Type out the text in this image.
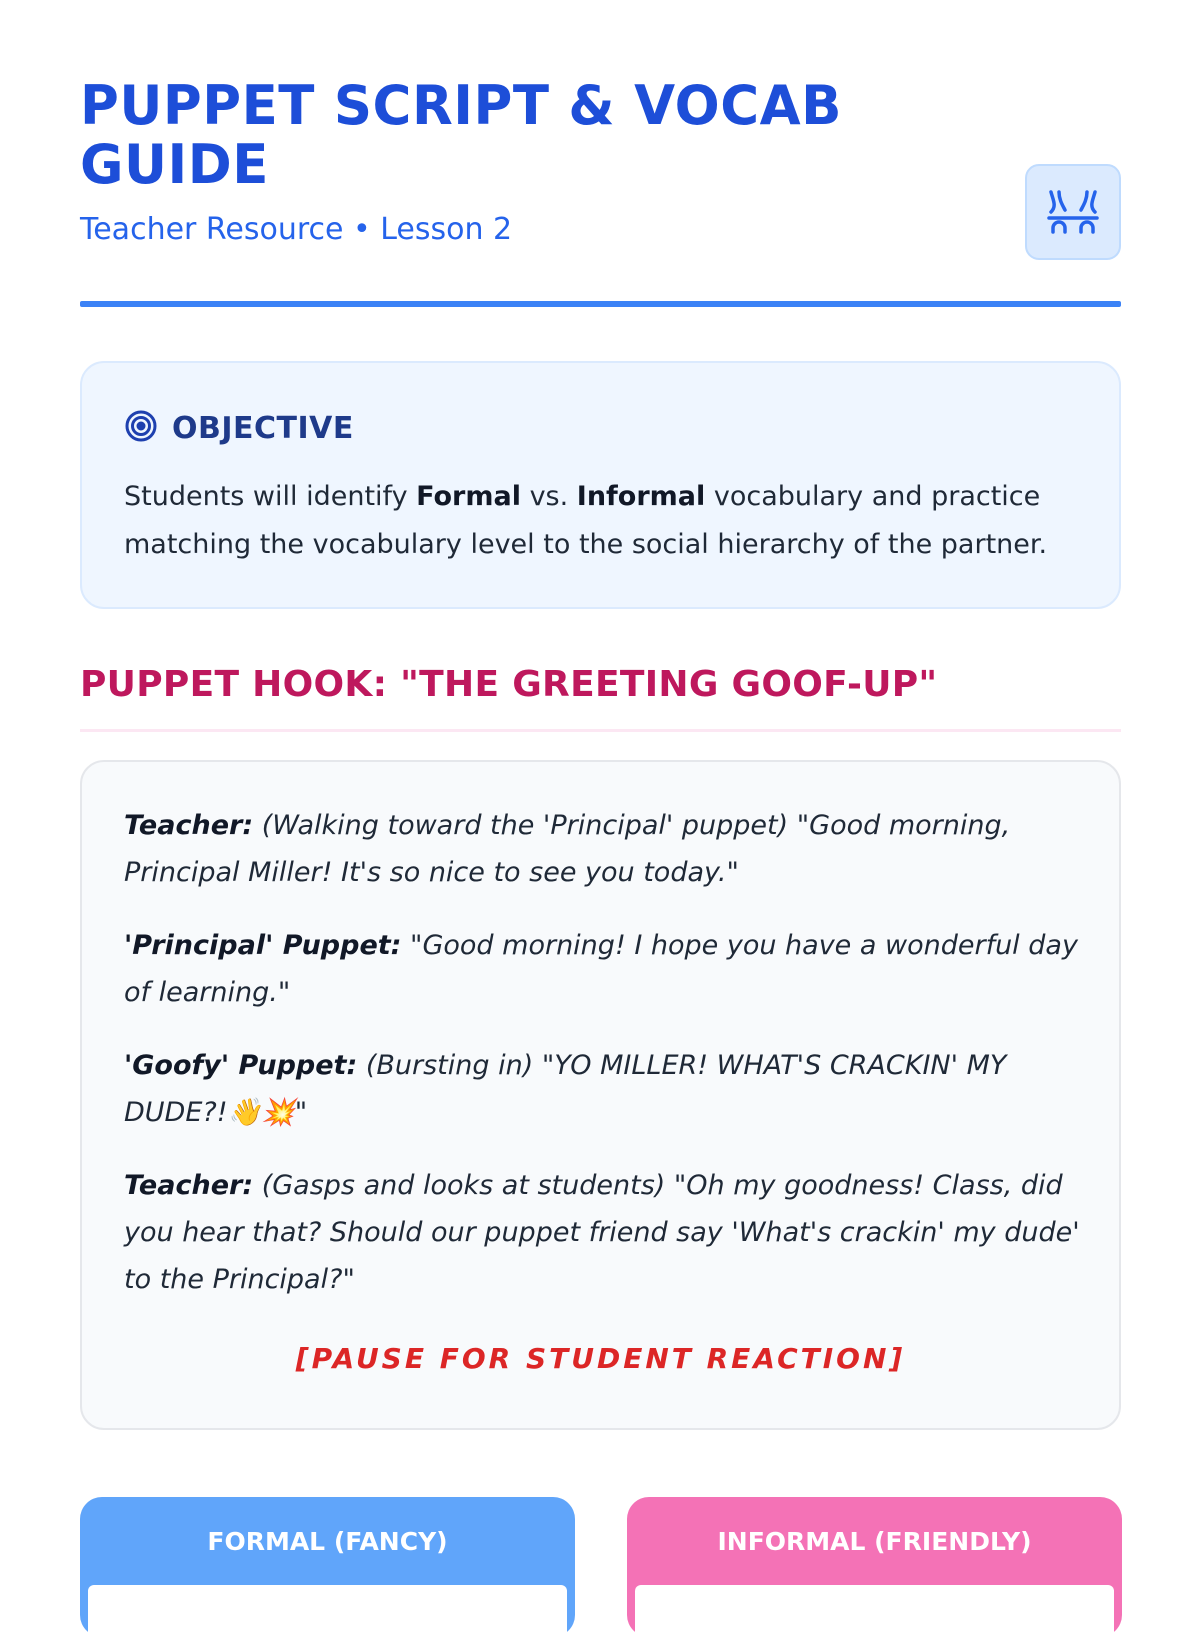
PUPPET SCRIPT & VOCAB GUIDE
Teacher Resource • Lesson 2
OBJECTIVE
Students will identify Formal vs. Informal vocabulary and practice matching the vocabulary level to the social hierarchy of the partner.
PUPPET HOOK: "THE GREETING GOOF-UP"
Teacher: (Walking toward the 'Principal' puppet) "Good morning, Principal Miller! It's so nice to see you today."
'Principal' Puppet: "Good morning! I hope you have a wonderful day of learning."
'Goofy' Puppet: (Bursting in) "YO MILLER! WHAT'S CRACKIN' MY DUDE?!👋💥"
Teacher: (Gasps and looks at students) "Oh my goodness! Class, did you hear that? Should our puppet friend say 'What's crackin' my dude' to the Principal?"
[PAUSE FOR STUDENT REACTION]
FORMAL (FANCY)	INFORMAL (FRIENDLY)
